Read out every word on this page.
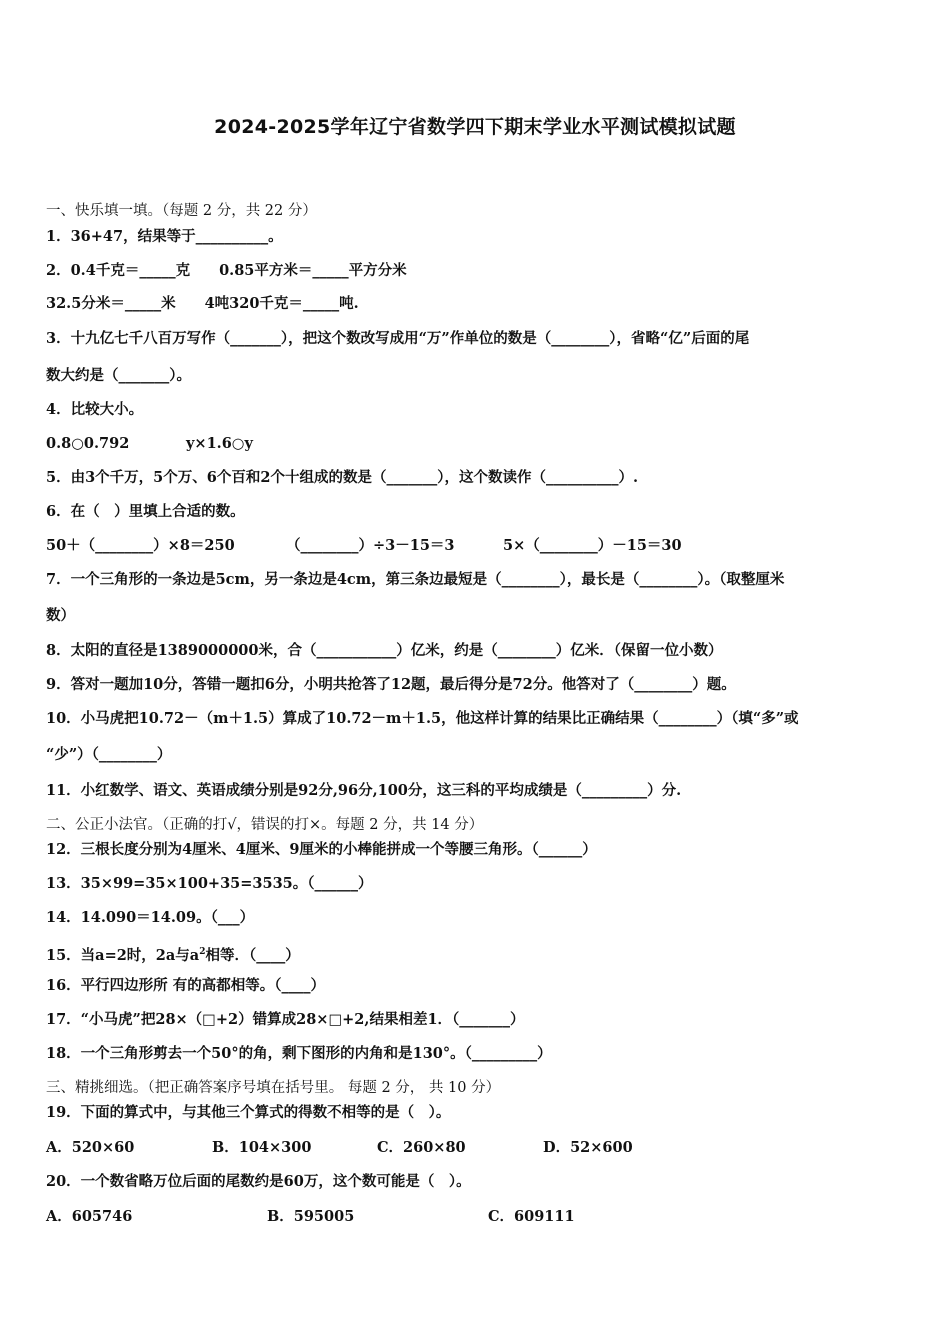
2024-2025学年辽宁省数学四下期末学业水平测试模拟试题
一、快乐填一填。（每题 2 分，共 22 分）
1．36+47，结果等于__________。
2．0.4千克＝_____克　　0.85平方米＝_____平方分米
32.5分米＝_____米　　4吨320千克＝_____吨.
3．十九亿七千八百万写作（_______），把这个数改写成用“万”作单位的数是（________），省略“亿”后面的尾
数大约是（_______）。
4．比较大小。
0.8○0.792	y×1.6○y
5．由3个千万，5个万、6个百和2个十组成的数是（_______），这个数读作（__________）.
6．在（　）里填上合适的数。
50＋（________）×8＝250	（________）÷3－15＝3	5×（________）－15＝30
7．一个三角形的一条边是5cm，另一条边是4cm，第三条边最短是（________），最长是（________）。（取整厘米
数）
8．太阳的直径是1389000000米，合（___________）亿米，约是（________）亿米．（保留一位小数）
9．答对一题加10分，答错一题扣6分，小明共抢答了12题，最后得分是72分。他答对了（________）题。
10．小马虎把10.72－（m＋1.5）算成了10.72－m＋1.5，他这样计算的结果比正确结果（________）（填“多”或
“少”）（________）
11．小红数学、语文、英语成绩分别是92分,96分,100分，这三科的平均成绩是（_________）分.
二、公正小法官。（正确的打√，错误的打×。每题 2 分，共 14 分）
12．三根长度分别为4厘米、4厘米、9厘米的小棒能拼成一个等腰三角形。（______）
13．35×99=35×100+35=3535。（______）
14．14.090＝14.09。（___）
15．当a=2时，2a与$a^2$相等．（____）
16．平行四边形所 有的高都相等。（____）
17．“小马虎”把28×（□+2）错算成28×□+2,结果相差1．（_______）
18．一个三角形剪去一个50°的角，剩下图形的内角和是130°。（_________）
三、精挑细选。（把正确答案序号填在括号里。 每题 2 分， 共 10 分）
19．下面的算式中，与其他三个算式的得数不相等的是（　）。
A．520×60	B．104×300	C．260×80	D．52×600
20．一个数省略万位后面的尾数约是60万，这个数可能是（　）。
A．605746	B．595005	C．609111
